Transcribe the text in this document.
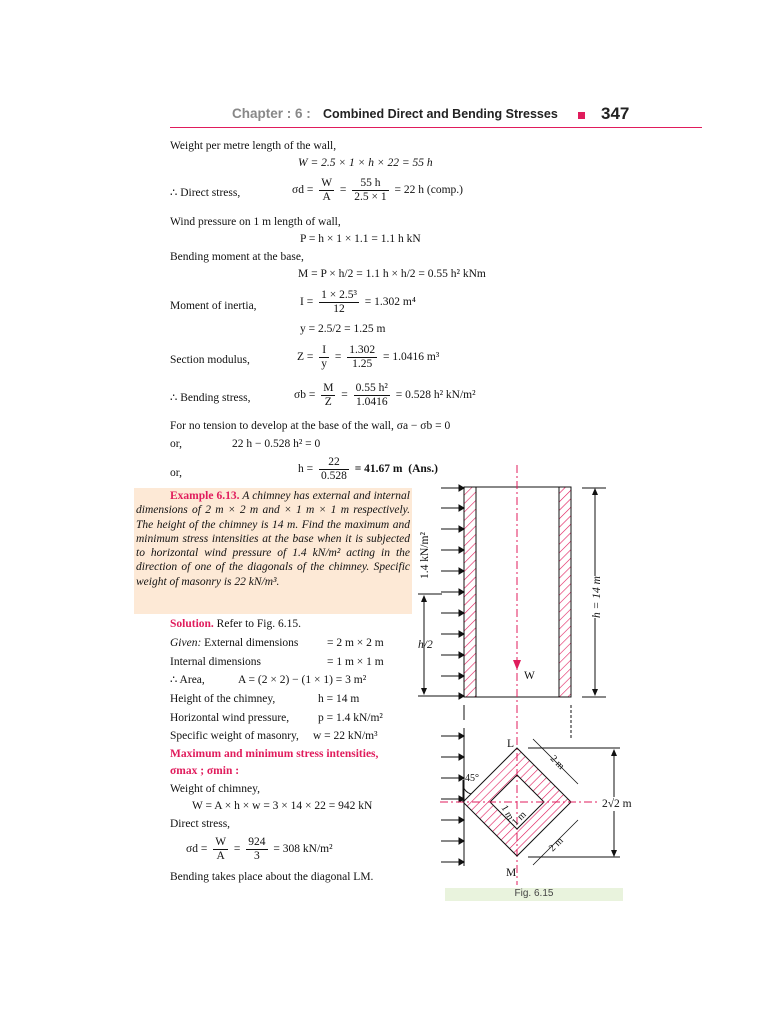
Chapter : 6 : Combined Direct and Bending Stresses	347
Weight per metre length of the wall,
W = 2.5 × 1 × h × 22 = 55 h
∴ Direct stress,	$\sigma d = \frac{W}{A} = \frac{55 h}{2.5 \times 1} = 22$ h (comp.)
Wind pressure on 1 m length of wall,
P = h × 1 × 1.1 = 1.1 h kN
Bending moment at the base,
M = P × h/2 = 1.1 h × h/2 = 0.55 h² kNm
Moment of inertia,	$I = \frac{\text{1 × 2.5³}}{12} = 1.302$ m⁴
y = 2.5/2 = 1.25 m
Section modulus,	$Z = \frac{I}{y} = \frac{1.302}{1.25} = 1.0416$ m³
∴ Bending stress,	$\sigma b = \frac{M}{Z} = \frac{\text{0.55 h²}}{1.0416} = 0.528$ h² kN/m²
For no tension to develop at the base of the wall, σa − σb = 0
or,	22 h − 0.528 h² = 0
or,	$h = \frac{22}{0.528} = 41.67$ m (Ans.)
Example 6.13. A chimney has external and internal dimensions of 2 m × 2 m and × 1 m × 1 m respectively. The height of the chimney is 14 m. Find the maximum and minimum stress intensities at the base when it is subjected to horizontal wind pressure of 1.4 kN/m² acting in the direction of one of the diagonals of the chimney. Specific weight of masonry is 22 kN/m³.
Solution. Refer to Fig. 6.15.
Given: External dimensions = 2 m × 2 m
Internal dimensions	= 1 m × 1 m
∴ Area,	A = (2 × 2) − (1 × 1) = 3 m²
Height of the chimney,	h = 14 m
Horizontal wind pressure,	p = 1.4 kN/m²
Specific weight of masonry, w = 22 kN/m³
Maximum and minimum stress intensities,
σmax ; σmin :
Weight of chimney,
W = A × h × w = 3 × 14 × 22 = 942 kN
Direct stress,
$\sigma d = \frac{W}{A} = \frac{924}{3} = 308$ kN/m²
Bending takes place about the diagonal LM.
1.4 kN/m²
h/2
W
h = 14 m
L
M
45°
2 m
2 m
1 m
1 m
2√2 m
Fig. 6.15
